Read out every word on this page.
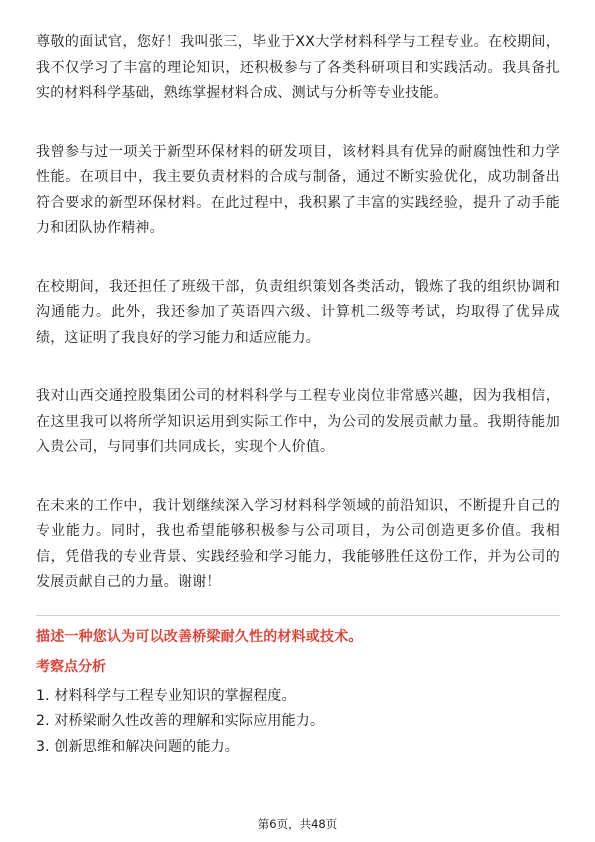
尊敬的面试官，您好！我叫张三，毕业于XX大学材料科学与工程专业。在校期间，我不仅学习了丰富的理论知识，还积极参与了各类科研项目和实践活动。我具备扎实的材料科学基础，熟练掌握材料合成、测试与分析等专业技能。

我曾参与过一项关于新型环保材料的研发项目，该材料具有优异的耐腐蚀性和力学性能。在项目中，我主要负责材料的合成与制备，通过不断实验优化，成功制备出符合要求的新型环保材料。在此过程中，我积累了丰富的实践经验，提升了动手能力和团队协作精神。

在校期间，我还担任了班级干部，负责组织策划各类活动，锻炼了我的组织协调和沟通能力。此外，我还参加了英语四六级、计算机二级等考试，均取得了优异成绩，这证明了我良好的学习能力和适应能力。

我对山西交通控股集团公司的材料科学与工程专业岗位非常感兴趣，因为我相信，在这里我可以将所学知识运用到实际工作中，为公司的发展贡献力量。我期待能加入贵公司，与同事们共同成长，实现个人价值。

在未来的工作中，我计划继续深入学习材料科学领域的前沿知识，不断提升自己的专业能力。同时，我也希望能够积极参与公司项目，为公司创造更多价值。我相信，凭借我的专业背景、实践经验和学习能力，我能够胜任这份工作，并为公司的发展贡献自己的力量。谢谢！

描述一种您认为可以改善桥梁耐久性的材料或技术。
考察点分析
1. 材料科学与工程专业知识的掌握程度。
2. 对桥梁耐久性改善的理解和实际应用能力。
3. 创新思维和解决问题的能力。
第6页，共48页
